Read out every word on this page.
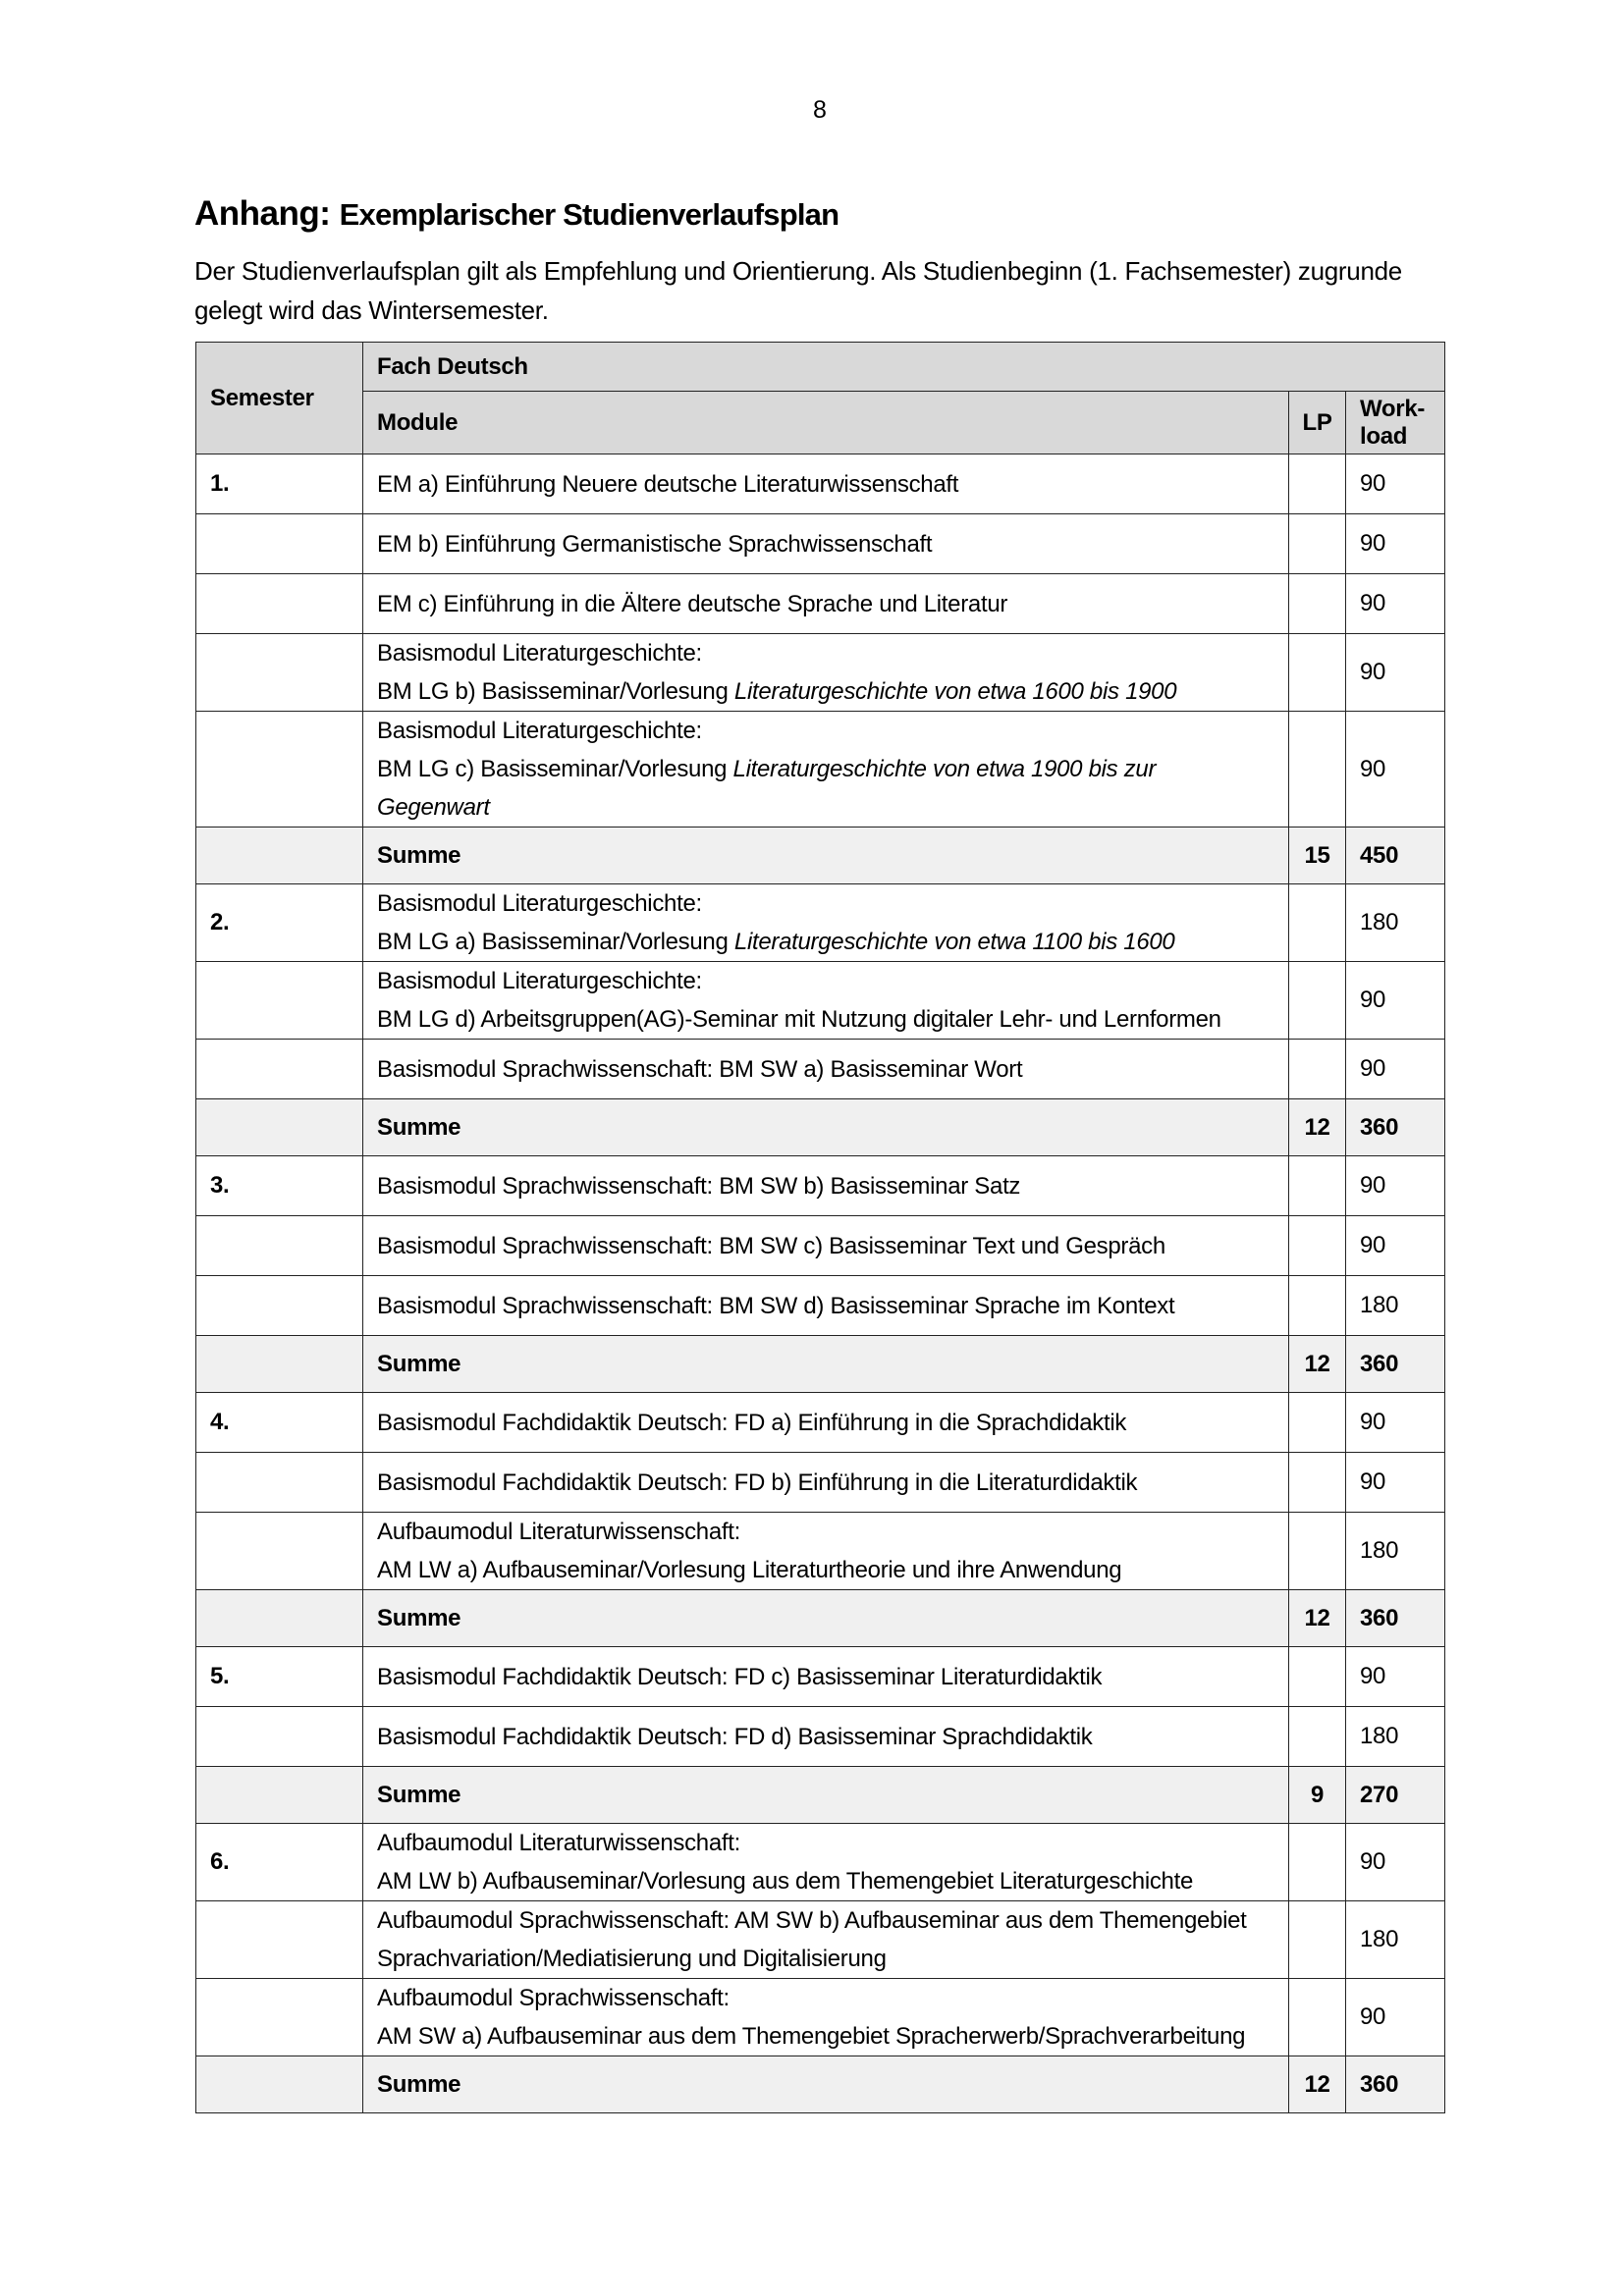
8
Anhang: Exemplarischer Studienverlaufsplan
Der Studienverlaufsplan gilt als Empfehlung und Orientierung. Als Studienbeginn (1. Fachsemester) zugrunde gelegt wird das Wintersemester.
Semester	Fach Deutsch		
	Module	LP	Work-
load
1.	EM a) Einführung Neuere deutsche Literaturwissenschaft		90
	EM b) Einführung Germanistische Sprachwissenschaft		90
	EM c) Einführung in die Ältere deutsche Sprache und Literatur		90
	Basismodul Literaturgeschichte:
BM LG b) Basisseminar/Vorlesung Literaturgeschichte von etwa 1600 bis 1900		90
	Basismodul Literaturgeschichte:
BM LG c) Basisseminar/Vorlesung Literaturgeschichte von etwa 1900 bis zur Gegenwart		90
	Summe	15	450
2.	Basismodul Literaturgeschichte:
BM LG a) Basisseminar/Vorlesung Literaturgeschichte von etwa 1100 bis 1600		180
	Basismodul Literaturgeschichte:
BM LG d) Arbeitsgruppen(AG)-Seminar mit Nutzung digitaler Lehr- und Lernformen		90
	Basismodul Sprachwissenschaft: BM SW a) Basisseminar Wort		90
	Summe	12	360
3.	Basismodul Sprachwissenschaft: BM SW b) Basisseminar Satz		90
	Basismodul Sprachwissenschaft: BM SW c) Basisseminar Text und Gespräch		90
	Basismodul Sprachwissenschaft: BM SW d) Basisseminar Sprache im Kontext		180
	Summe	12	360
4.	Basismodul Fachdidaktik Deutsch: FD a) Einführung in die Sprachdidaktik		90
	Basismodul Fachdidaktik Deutsch: FD b) Einführung in die Literaturdidaktik		90
	Aufbaumodul Literaturwissenschaft:
AM LW a) Aufbauseminar/Vorlesung Literaturtheorie und ihre Anwendung		180
	Summe	12	360
5.	Basismodul Fachdidaktik Deutsch: FD c) Basisseminar Literaturdidaktik		90
	Basismodul Fachdidaktik Deutsch: FD d) Basisseminar Sprachdidaktik		180
	Summe	9	270
6.	Aufbaumodul Literaturwissenschaft:
AM LW b) Aufbauseminar/Vorlesung aus dem Themengebiet Literaturgeschichte		90
	Aufbaumodul Sprachwissenschaft: AM SW b) Aufbauseminar aus dem Themengebiet
Sprachvariation/Mediatisierung und Digitalisierung		180
	Aufbaumodul Sprachwissenschaft:
AM SW a) Aufbauseminar aus dem Themengebiet Spracherwerb/Sprachverarbeitung		90
	Summe	12	360
